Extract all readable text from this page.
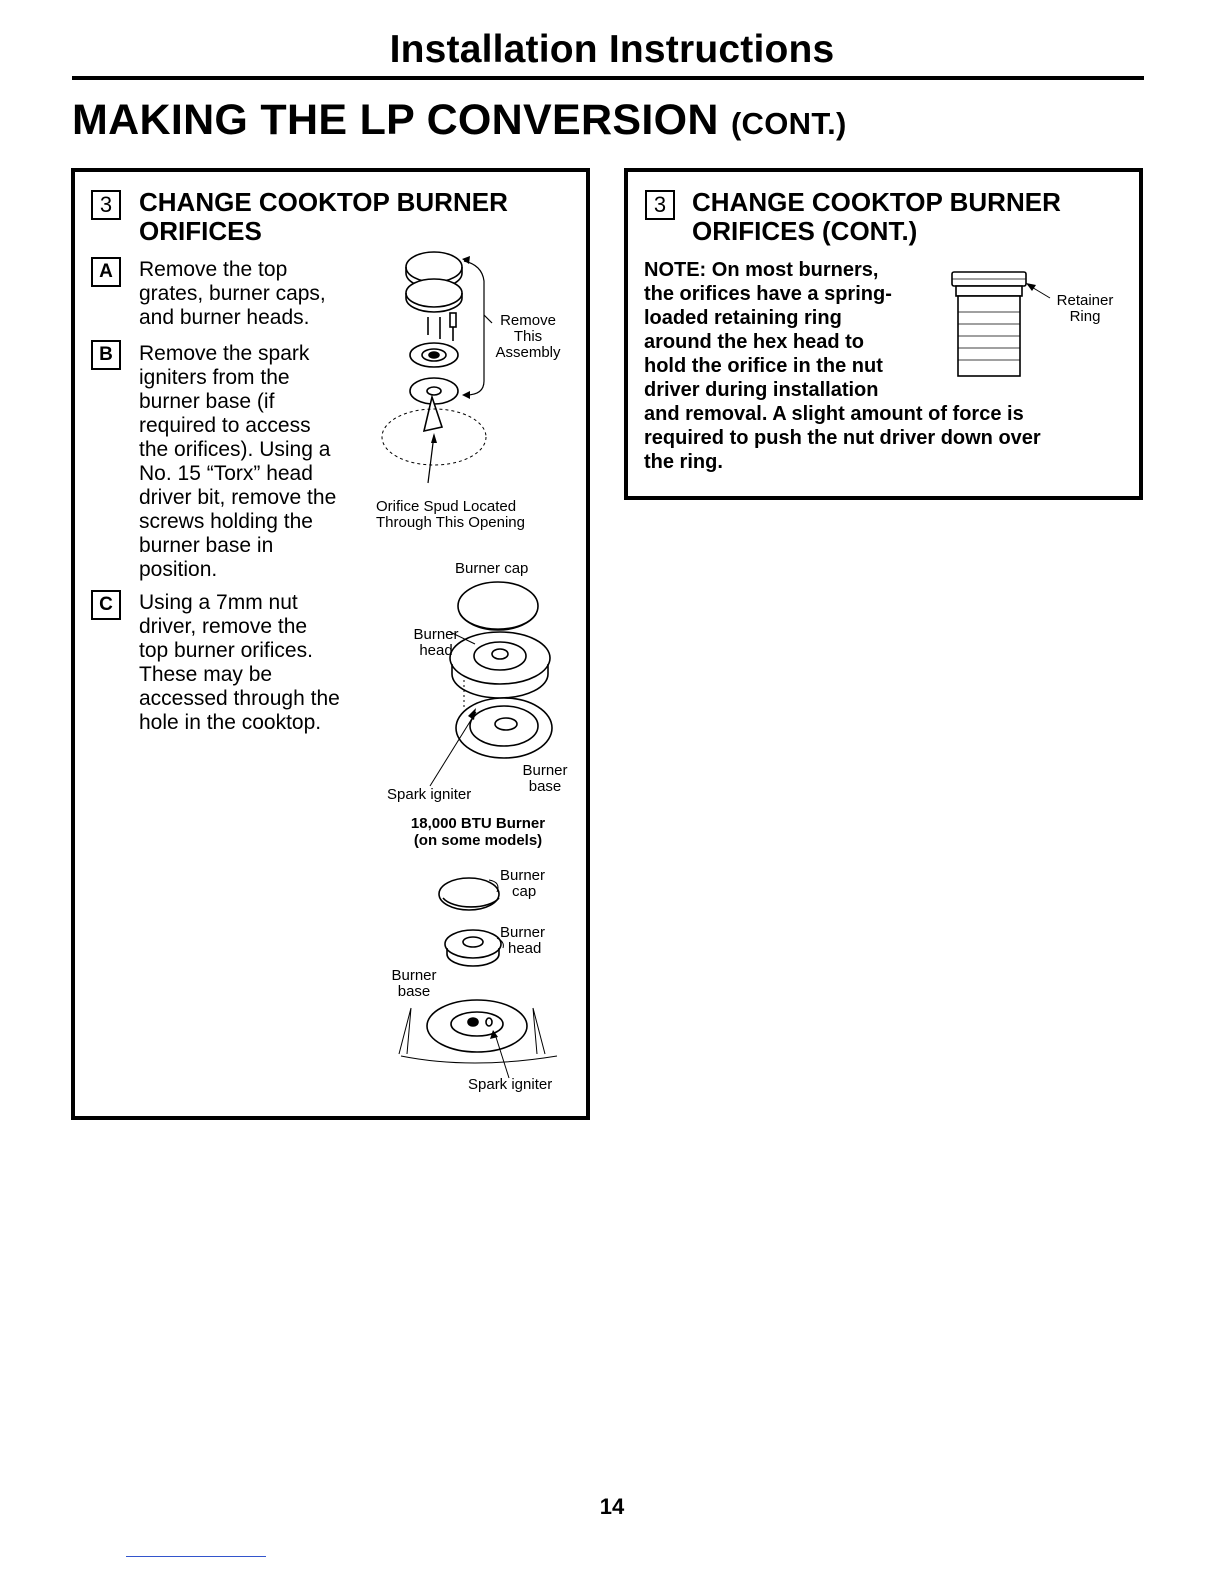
Installation Instructions
MAKING THE LP CONVERSION (CONT.)
3	CHANGE COOKTOP BURNER
ORIFICES
A	Remove the top
grates, burner caps,
and burner heads.
B	Remove the spark
igniters from the
burner base (if
required to access
the orifices). Using a
No. 15 “Torx” head
driver bit, remove the
screws holding the
burner base in
position.
C	Using a 7mm nut
driver, remove the
top burner orifices.
These may be
accessed through the
hole in the cooktop.
Remove
This
Assembly
Orifice Spud Located
Through This Opening
Burner cap
Burner
head
Burner
base
Spark igniter
18,000 BTU Burner
(on some models)
Burner
cap
Burner
head
Burner
base
Spark igniter
3 CHANGE COOKTOP BURNER
ORIFICES (CONT.)
NOTE: On most burners,
the orifices have a spring-
loaded retaining ring
around the hex head to
hold the orifice in the nut
driver during installation
and removal. A slight amount of force is
required to push the nut driver down over
the ring.
Retainer
Ring
14
